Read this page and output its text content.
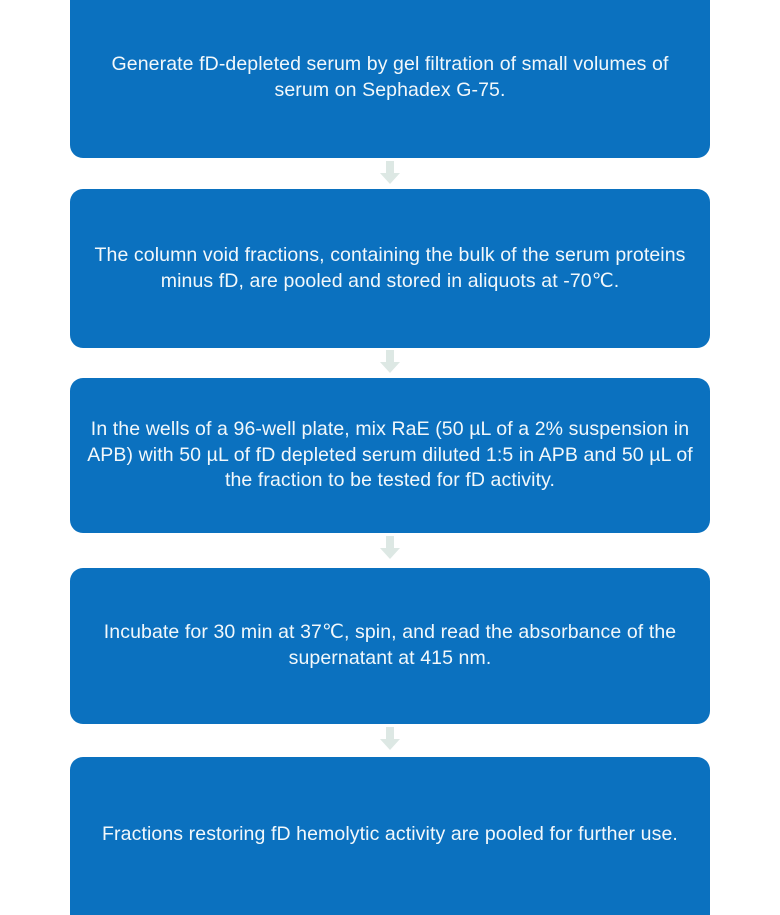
Generate fD-depleted serum by gel filtration of small volumes of serum on Sephadex G-75.
The column void fractions, containing the bulk of the serum proteins minus fD, are pooled and stored in aliquots at -70℃.
In the wells of a 96-well plate, mix RaE (50 µL of a 2% suspension in APB) with 50 µL of fD depleted serum diluted 1:5 in APB and 50 µL of the fraction to be tested for fD activity.
Incubate for 30 min at 37℃, spin, and read the absorbance of the supernatant at 415 nm.
Fractions restoring fD hemolytic activity are pooled for further use.
